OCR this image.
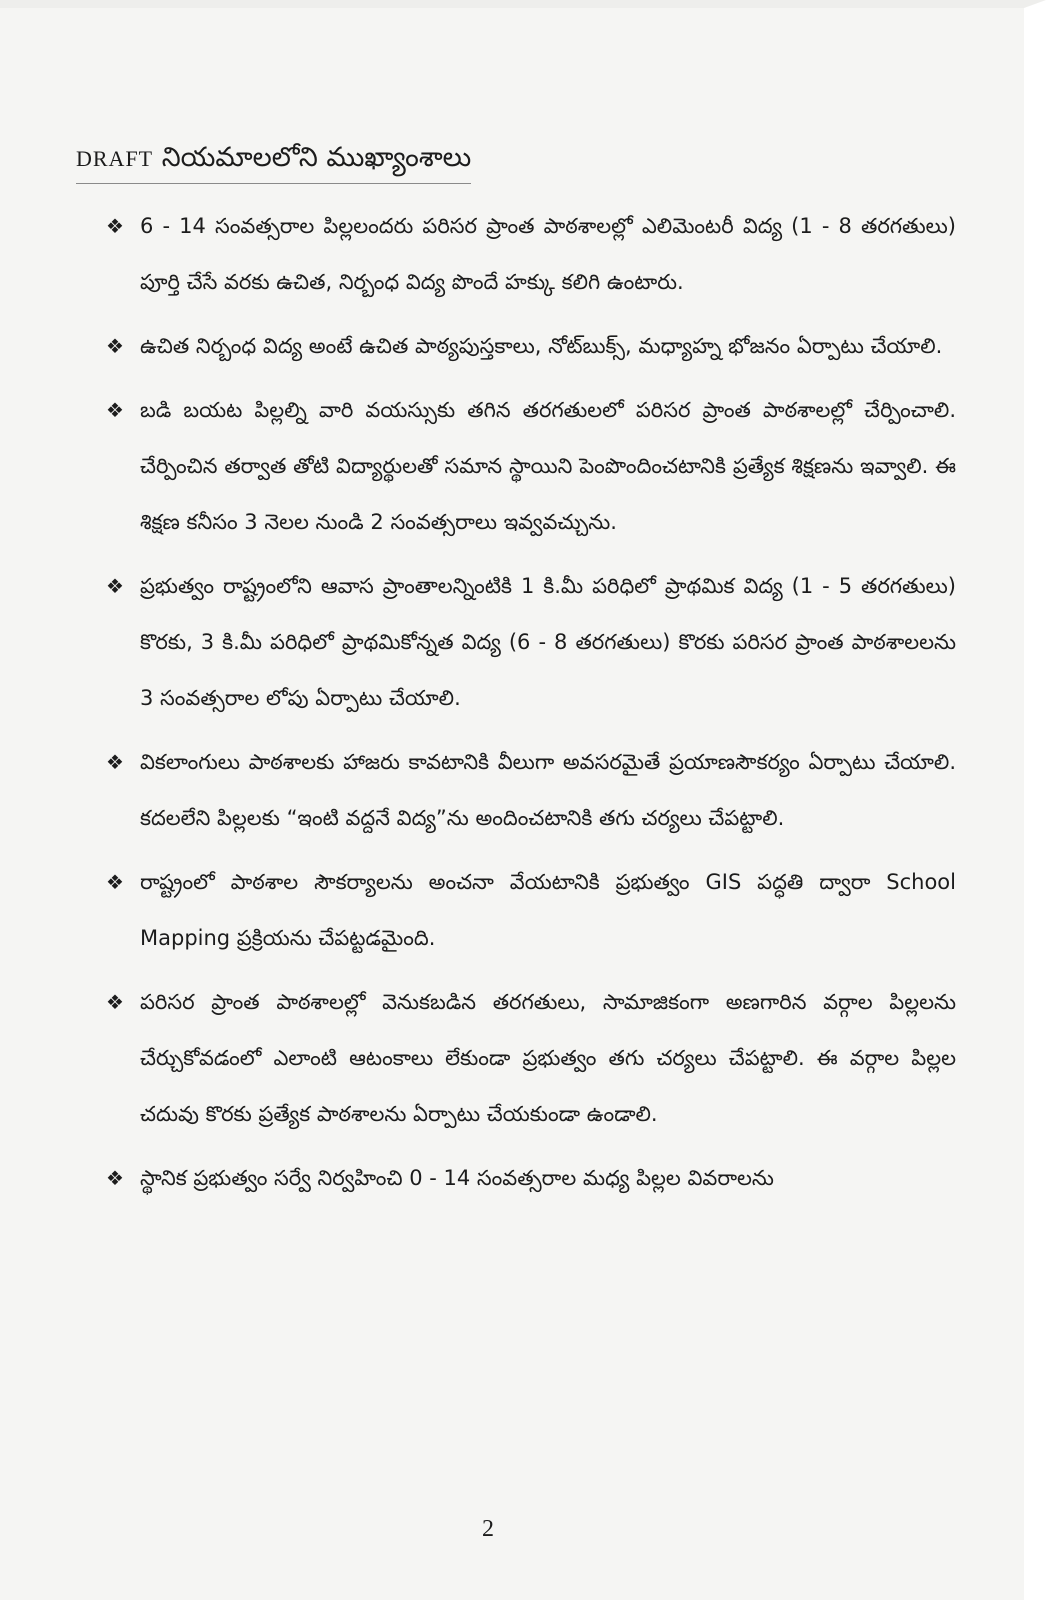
DRAFT నియమాలలోని ముఖ్యాంశాలు
❖ 6 - 14 సంవత్సరాల పిల్లలందరు పరిసర ప్రాంత పాఠశాలల్లో ఎలిమెంటరీ విద్య (1 - 8 తరగతులు) పూర్తి చేసే వరకు ఉచిత, నిర్బంధ విద్య పొందే హక్కు కలిగి ఉంటారు.
❖ ఉచిత నిర్బంధ విద్య అంటే ఉచిత పాఠ్యపుస్తకాలు, నోట్‌బుక్స్, మధ్యాహ్న భోజనం ఏర్పాటు చేయాలి.
❖ బడి బయట పిల్లల్ని వారి వయస్సుకు తగిన తరగతులలో పరిసర ప్రాంత పాఠశాలల్లో చేర్పించాలి. చేర్పించిన తర్వాత తోటి విద్యార్థులతో సమాన స్థాయిని పెంపొందించటానికి ప్రత్యేక శిక్షణను ఇవ్వాలి. ఈ శిక్షణ కనీసం 3 నెలల నుండి 2 సంవత్సరాలు ఇవ్వవచ్చును.
❖ ప్రభుత్వం రాష్ట్రంలోని ఆవాస ప్రాంతాలన్నింటికి 1 కి.మీ పరిధిలో ప్రాథమిక విద్య (1 - 5 తరగతులు) కొరకు, 3 కి.మీ పరిధిలో ప్రాథమికోన్నత విద్య (6 - 8 తరగతులు) కొరకు పరిసర ప్రాంత పాఠశాలలను 3 సంవత్సరాల లోపు ఏర్పాటు చేయాలి.
❖ వికలాంగులు పాఠశాలకు హాజరు కావటానికి వీలుగా అవసరమైతే ప్రయాణసౌకర్యం ఏర్పాటు చేయాలి. కదలలేని పిల్లలకు “ఇంటి వద్దనే విద్య”ను అందించటానికి తగు చర్యలు చేపట్టాలి.
❖ రాష్ట్రంలో పాఠశాల సౌకర్యాలను అంచనా వేయటానికి ప్రభుత్వం GIS పద్ధతి ద్వారా School Mapping ప్రక్రియను చేపట్టడమైంది.
❖ పరిసర ప్రాంత పాఠశాలల్లో వెనుకబడిన తరగతులు, సామాజికంగా అణగారిన వర్గాల పిల్లలను చేర్చుకోవడంలో ఎలాంటి ఆటంకాలు లేకుండా ప్రభుత్వం తగు చర్యలు చేపట్టాలి. ఈ వర్గాల పిల్లల చదువు కొరకు ప్రత్యేక పాఠశాలను ఏర్పాటు చేయకుండా ఉండాలి.
❖ స్థానిక ప్రభుత్వం సర్వే నిర్వహించి 0 - 14 సంవత్సరాల మధ్య పిల్లల వివరాలను
2
